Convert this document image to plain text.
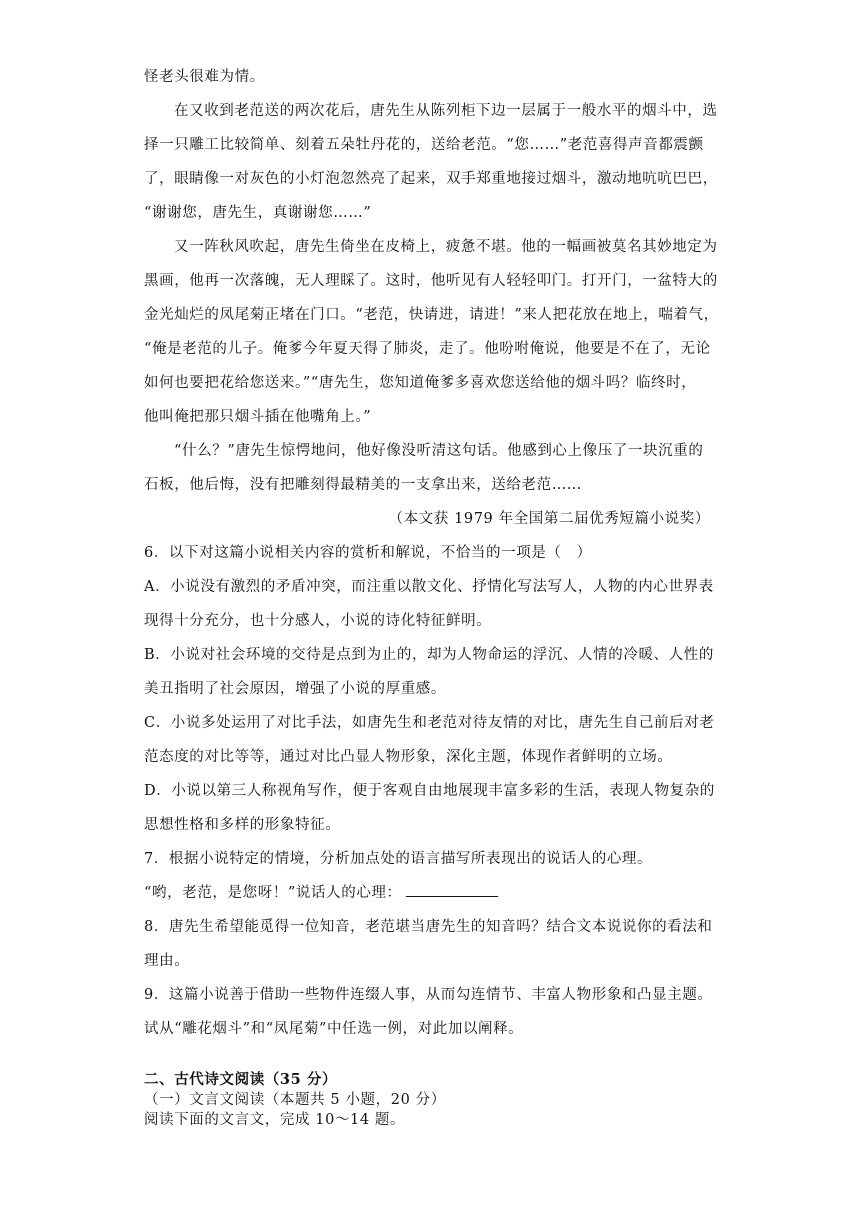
怪老头很难为情。
在又收到老范送的两次花后，唐先生从陈列柜下边一层属于一般水平的烟斗中，选
择一只雕工比较简单、刻着五朵牡丹花的，送给老范。“您……”老范喜得声音都震颤
了，眼睛像一对灰色的小灯泡忽然亮了起来，双手郑重地接过烟斗，激动地吭吭巴巴，
“谢谢您，唐先生，真谢谢您……”
又一阵秋风吹起，唐先生倚坐在皮椅上，疲惫不堪。他的一幅画被莫名其妙地定为
黑画，他再一次落魄，无人理睬了。这时，他听见有人轻轻叩门。打开门，一盆特大的
金光灿烂的凤尾菊正堵在门口。“老范，快请进，请进！”来人把花放在地上，喘着气，
“俺是老范的儿子。俺爹今年夏天得了肺炎，走了。他吩咐俺说，他要是不在了，无论
如何也要把花给您送来。”“唐先生，您知道俺爹多喜欢您送给他的烟斗吗？临终时，
他叫俺把那只烟斗插在他嘴角上。”
“什么？”唐先生惊愕地问，他好像没听清这句话。他感到心上像压了一块沉重的
石板，他后悔，没有把雕刻得最精美的一支拿出来，送给老范……
（本文获 1979 年全国第二届优秀短篇小说奖）
6．以下对这篇小说相关内容的赏析和解说，不恰当的一项是（　）
A．小说没有激烈的矛盾冲突，而注重以散文化、抒情化写法写人，人物的内心世界表
现得十分充分，也十分感人，小说的诗化特征鲜明。
B．小说对社会环境的交待是点到为止的，却为人物命运的浮沉、人情的冷暖、人性的
美丑指明了社会原因，增强了小说的厚重感。
C．小说多处运用了对比手法，如唐先生和老范对待友情的对比，唐先生自己前后对老
范态度的对比等等，通过对比凸显人物形象，深化主题，体现作者鲜明的立场。
D．小说以第三人称视角写作，便于客观自由地展现丰富多彩的生活，表现人物复杂的
思想性格和多样的形象特征。
7．根据小说特定的情境，分析加点处的语言描写所表现出的说话人的心理。
“哟，老范，是您呀！”说话人的心理：
8．唐先生希望能觅得一位知音，老范堪当唐先生的知音吗？结合文本说说你的看法和
理由。
9．这篇小说善于借助一些物件连缀人事，从而勾连情节、丰富人物形象和凸显主题。
试从“雕花烟斗”和“凤尾菊”中任选一例，对此加以阐释。
二、古代诗文阅读（35 分）
（一）文言文阅读（本题共 5 小题，20 分）
阅读下面的文言文，完成 10～14 题。
